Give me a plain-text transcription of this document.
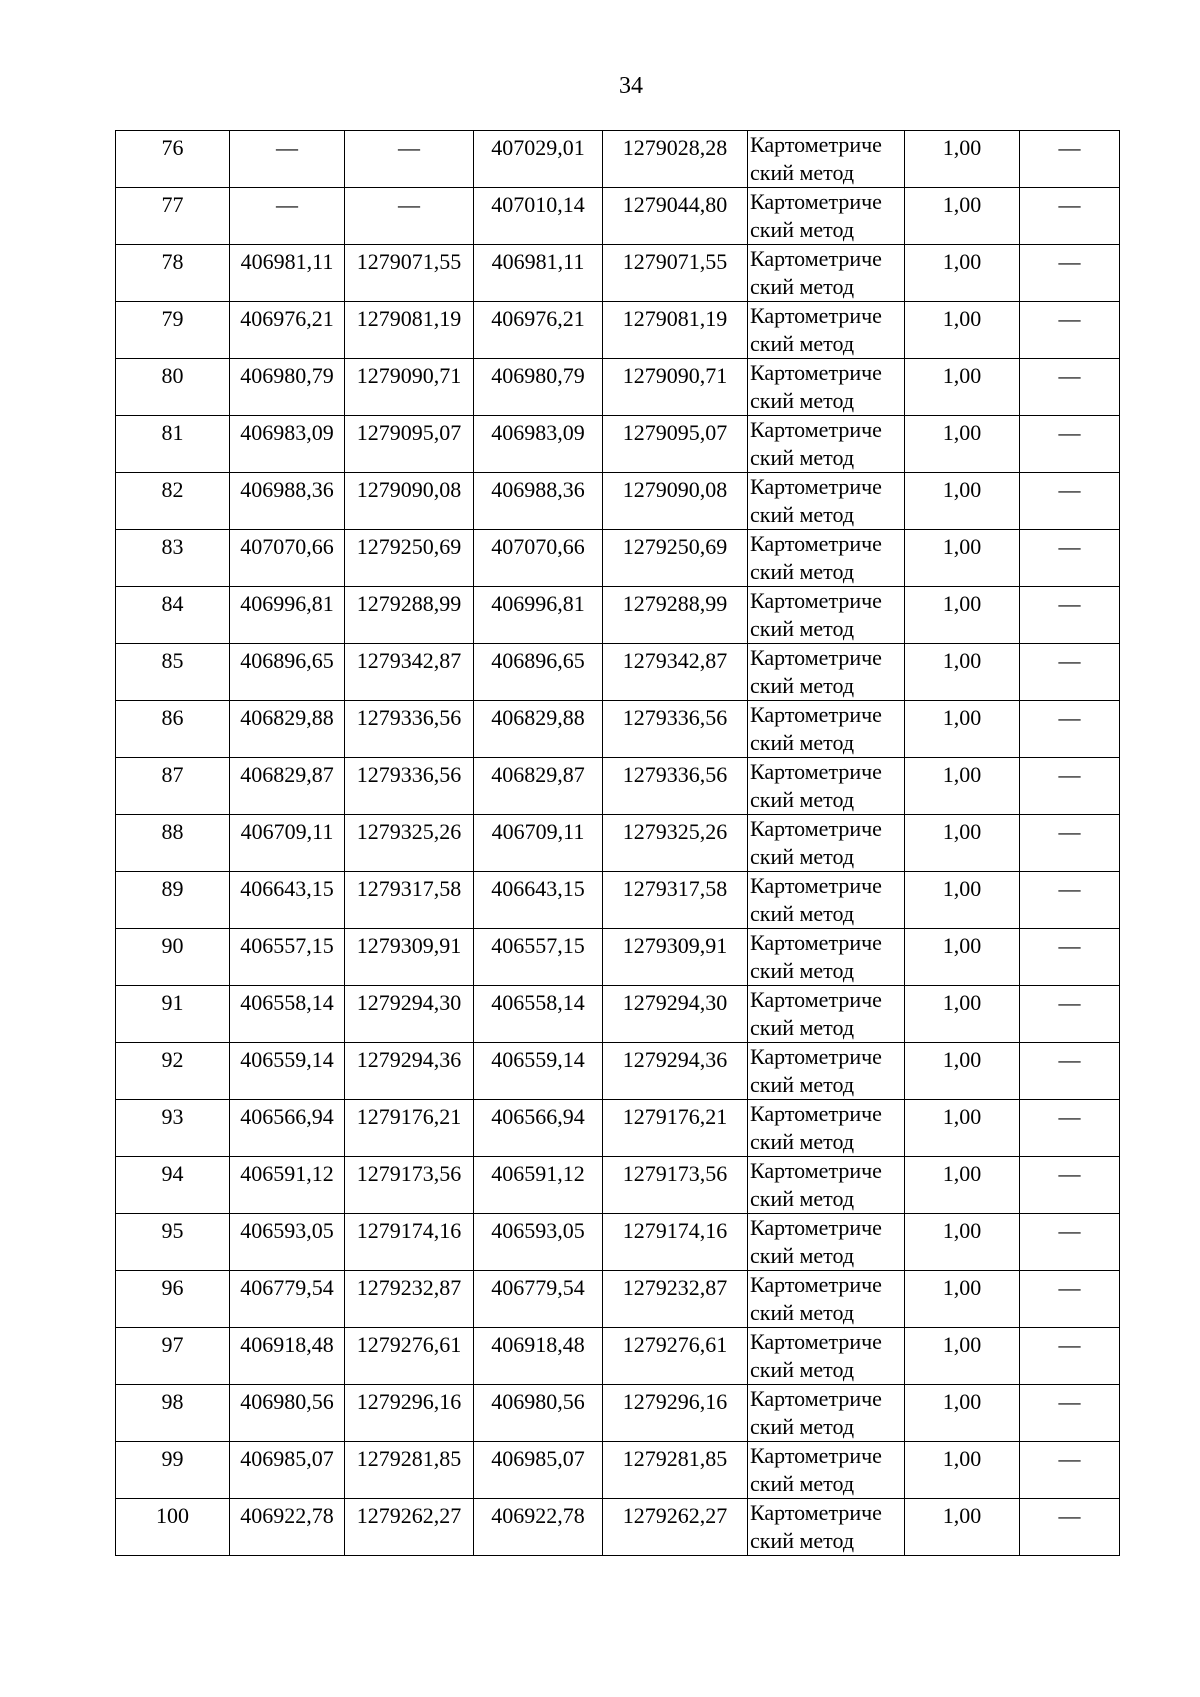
34
76	—	—	407029,01	1279028,28	Картометриче
ский метод	1,00	—
77	—	—	407010,14	1279044,80	Картометриче
ский метод	1,00	—
78	406981,11	1279071,55	406981,11	1279071,55	Картометриче
ский метод	1,00	—
79	406976,21	1279081,19	406976,21	1279081,19	Картометриче
ский метод	1,00	—
80	406980,79	1279090,71	406980,79	1279090,71	Картометриче
ский метод	1,00	—
81	406983,09	1279095,07	406983,09	1279095,07	Картометриче
ский метод	1,00	—
82	406988,36	1279090,08	406988,36	1279090,08	Картометриче
ский метод	1,00	—
83	407070,66	1279250,69	407070,66	1279250,69	Картометриче
ский метод	1,00	—
84	406996,81	1279288,99	406996,81	1279288,99	Картометриче
ский метод	1,00	—
85	406896,65	1279342,87	406896,65	1279342,87	Картометриче
ский метод	1,00	—
86	406829,88	1279336,56	406829,88	1279336,56	Картометриче
ский метод	1,00	—
87	406829,87	1279336,56	406829,87	1279336,56	Картометриче
ский метод	1,00	—
88	406709,11	1279325,26	406709,11	1279325,26	Картометриче
ский метод	1,00	—
89	406643,15	1279317,58	406643,15	1279317,58	Картометриче
ский метод	1,00	—
90	406557,15	1279309,91	406557,15	1279309,91	Картометриче
ский метод	1,00	—
91	406558,14	1279294,30	406558,14	1279294,30	Картометриче
ский метод	1,00	—
92	406559,14	1279294,36	406559,14	1279294,36	Картометриче
ский метод	1,00	—
93	406566,94	1279176,21	406566,94	1279176,21	Картометриче
ский метод	1,00	—
94	406591,12	1279173,56	406591,12	1279173,56	Картометриче
ский метод	1,00	—
95	406593,05	1279174,16	406593,05	1279174,16	Картометриче
ский метод	1,00	—
96	406779,54	1279232,87	406779,54	1279232,87	Картометриче
ский метод	1,00	—
97	406918,48	1279276,61	406918,48	1279276,61	Картометриче
ский метод	1,00	—
98	406980,56	1279296,16	406980,56	1279296,16	Картометриче
ский метод	1,00	—
99	406985,07	1279281,85	406985,07	1279281,85	Картометриче
ский метод	1,00	—
100	406922,78	1279262,27	406922,78	1279262,27	Картометриче
ский метод	1,00	—
